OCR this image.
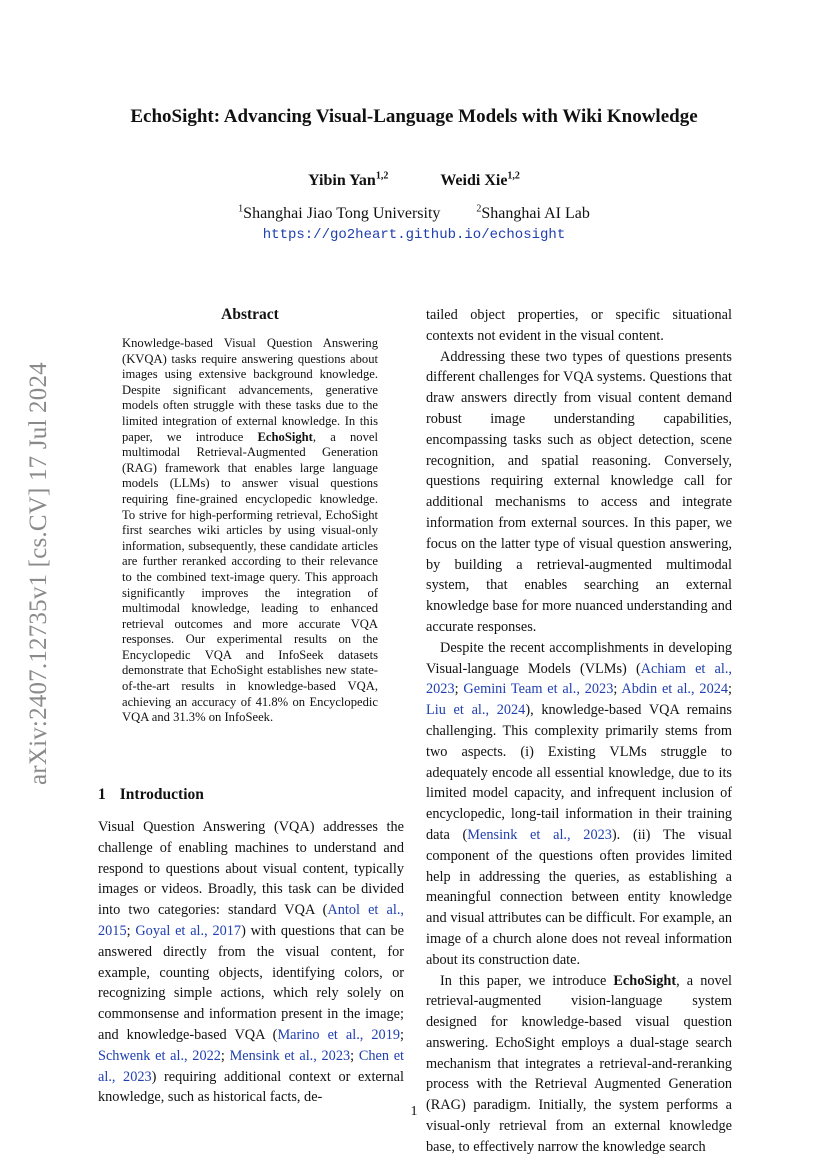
arXiv:2407.12735v1 [cs.CV] 17 Jul 2024
EchoSight: Advancing Visual-Language Models with Wiki Knowledge
Yibin Yan$^{1,2}$	Weidi Xie$^{1,2}$
$^1$Shanghai Jiao Tong University	$^2$Shanghai AI Lab
https://go2heart.github.io/echosight
Abstract
Knowledge-based Visual Question Answering (KVQA) tasks require answering questions about images using extensive background knowledge. Despite significant advancements, generative models often struggle with these tasks due to the limited integration of external knowledge. In this paper, we introduce EchoSight, a novel multimodal Retrieval-Augmented Generation (RAG) framework that enables large language models (LLMs) to answer visual questions requiring fine-grained encyclopedic knowledge. To strive for high-performing retrieval, EchoSight first searches wiki articles by using visual-only information, subsequently, these candidate articles are further reranked according to their relevance to the combined text-image query. This approach significantly improves the integration of multimodal knowledge, leading to enhanced retrieval outcomes and more accurate VQA responses. Our experimental results on the Encyclopedic VQA and InfoSeek datasets demonstrate that EchoSight establishes new state-of-the-art results in knowledge-based VQA, achieving an accuracy of 41.8% on Encyclopedic VQA and 31.3% on InfoSeek.
1 Introduction

Visual Question Answering (VQA) addresses the challenge of enabling machines to understand and respond to questions about visual content, typically images or videos. Broadly, this task can be divided into two categories: standard VQA (Antol et al., 2015; Goyal et al., 2017) with questions that can be answered directly from the visual content, for example, counting objects, identifying colors, or recognizing simple actions, which rely solely on commonsense and information present in the image; and knowledge-based VQA (Marino et al., 2019; Schwenk et al., 2022; Mensink et al., 2023; Chen et al., 2023) requiring additional context or external knowledge, such as historical facts, de-

tailed object properties, or specific situational contexts not evident in the visual content.

Addressing these two types of questions presents different challenges for VQA systems. Questions that draw answers directly from visual content demand robust image understanding capabilities, encompassing tasks such as object detection, scene recognition, and spatial reasoning. Conversely, questions requiring external knowledge call for additional mechanisms to access and integrate information from external sources. In this paper, we focus on the latter type of visual question answering, by building a retrieval-augmented multimodal system, that enables searching an external knowledge base for more nuanced understanding and accurate responses.

Despite the recent accomplishments in developing Visual-language Models (VLMs) (Achiam et al., 2023; Gemini Team et al., 2023; Abdin et al., 2024; Liu et al., 2024), knowledge-based VQA remains challenging. This complexity primarily stems from two aspects. (i) Existing VLMs struggle to adequately encode all essential knowledge, due to its limited model capacity, and infrequent inclusion of encyclopedic, long-tail information in their training data (Mensink et al., 2023). (ii) The visual component of the questions often provides limited help in addressing the queries, as establishing a meaningful connection between entity knowledge and visual attributes can be difficult. For example, an image of a church alone does not reveal information about its construction date.

In this paper, we introduce EchoSight, a novel retrieval-augmented vision-language system designed for knowledge-based visual question answering. EchoSight employs a dual-stage search mechanism that integrates a retrieval-and-reranking process with the Retrieval Augmented Generation (RAG) paradigm. Initially, the system performs a visual-only retrieval from an external knowledge base, to effectively narrow the knowledge search

1
